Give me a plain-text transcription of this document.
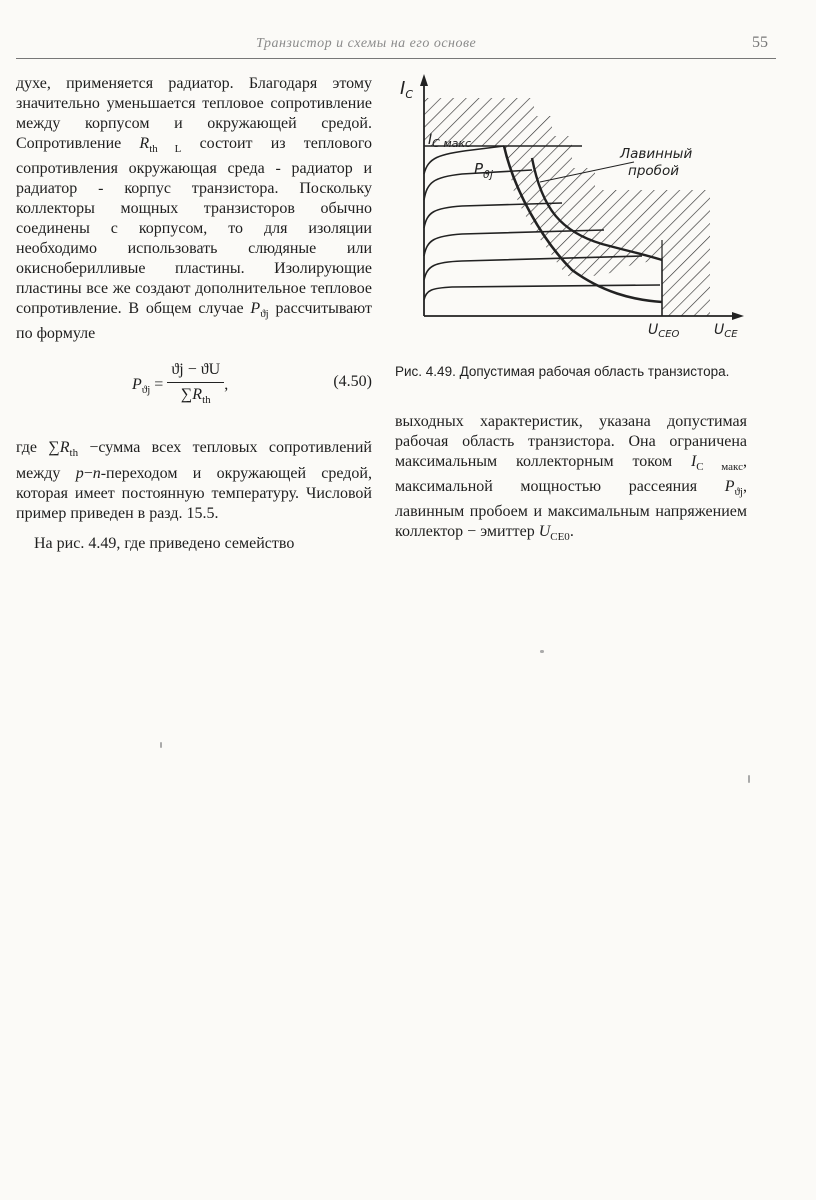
Транзистор и схемы на его основе	55

духе, применяется радиатор. Благодаря этому значительно уменьшается тепловое сопротивление между корпусом и окружающей средой. Сопротивление $R_{th L}$ состоит из теплового сопротивления окружающая среда - радиатор и радиатор - корпус транзистора. Поскольку коллекторы мощных транзисторов обычно соединены с корпусом, то для изоляции необходимо использовать слюдяные или окисноберилливые пластины. Изолирующие пластины все же создают дополнительное тепловое сопротивление. В общем случае $P_{ϑj}$ рассчитывают по формуле

$P_{ϑj} = \frac{ϑj - ϑU}{\sum R_{th}}$ ,	(4.50)

где $\sum R_{th}$ −сумма всех тепловых сопротивлений между p−n-переходом и окружающей средой, которая имеет постоянную температуру. Числовой пример приведен в разд. 15.5.

На рис. 4.49, где приведено семейство

$I_C$
$I_{C макс}$
$P_{ϑj}$
Лавинный
пробой
$U_{CEO}$ $U_{CE}$
Рис. 4.49. Допустимая рабочая область транзистора.

выходных характеристик, указана допустимая рабочая область транзистора. Она ограничена максимальным коллекторным током $I_{C макс}$, максимальной мощностью рассеяния $P_{ϑj}$, лавинным пробоем и максимальным напряжением коллектор − эмиттер $U_{CE0}$.
